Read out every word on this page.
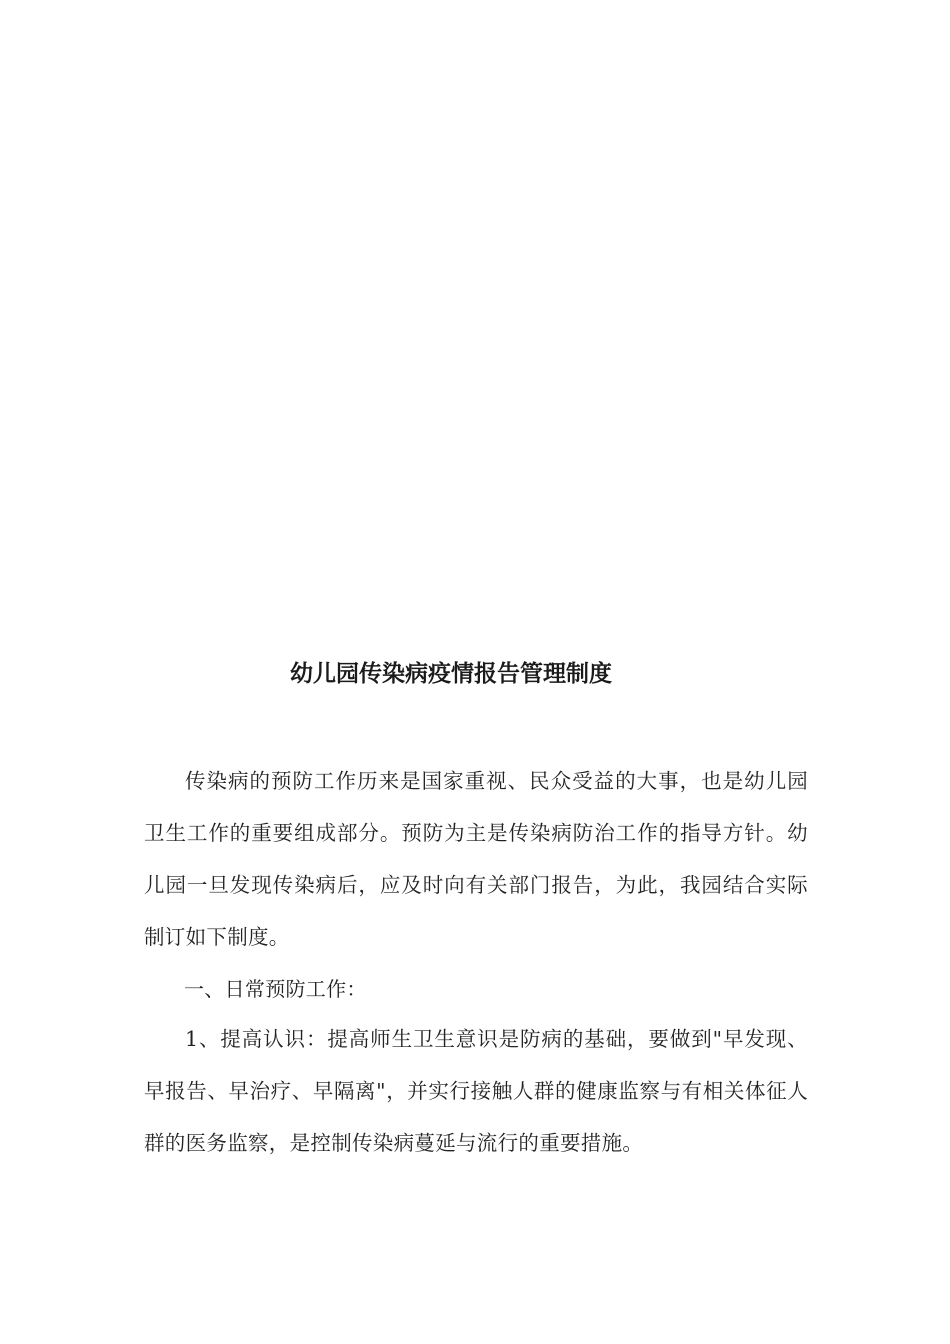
幼儿园传染病疫情报告管理制度

传染病的预防工作历来是国家重视、民众受益的大事，也是幼儿园卫生工作的重要组成部分。预防为主是传染病防治工作的指导方针。幼儿园一旦发现传染病后，应及时向有关部门报告，为此，我园结合实际制订如下制度。

一、日常预防工作：

1、提高认识：提高师生卫生意识是防病的基础，要做到"早发现、早报告、早治疗、早隔离"，并实行接触人群的健康监察与有相关体征人群的医务监察，是控制传染病蔓延与流行的重要措施。
